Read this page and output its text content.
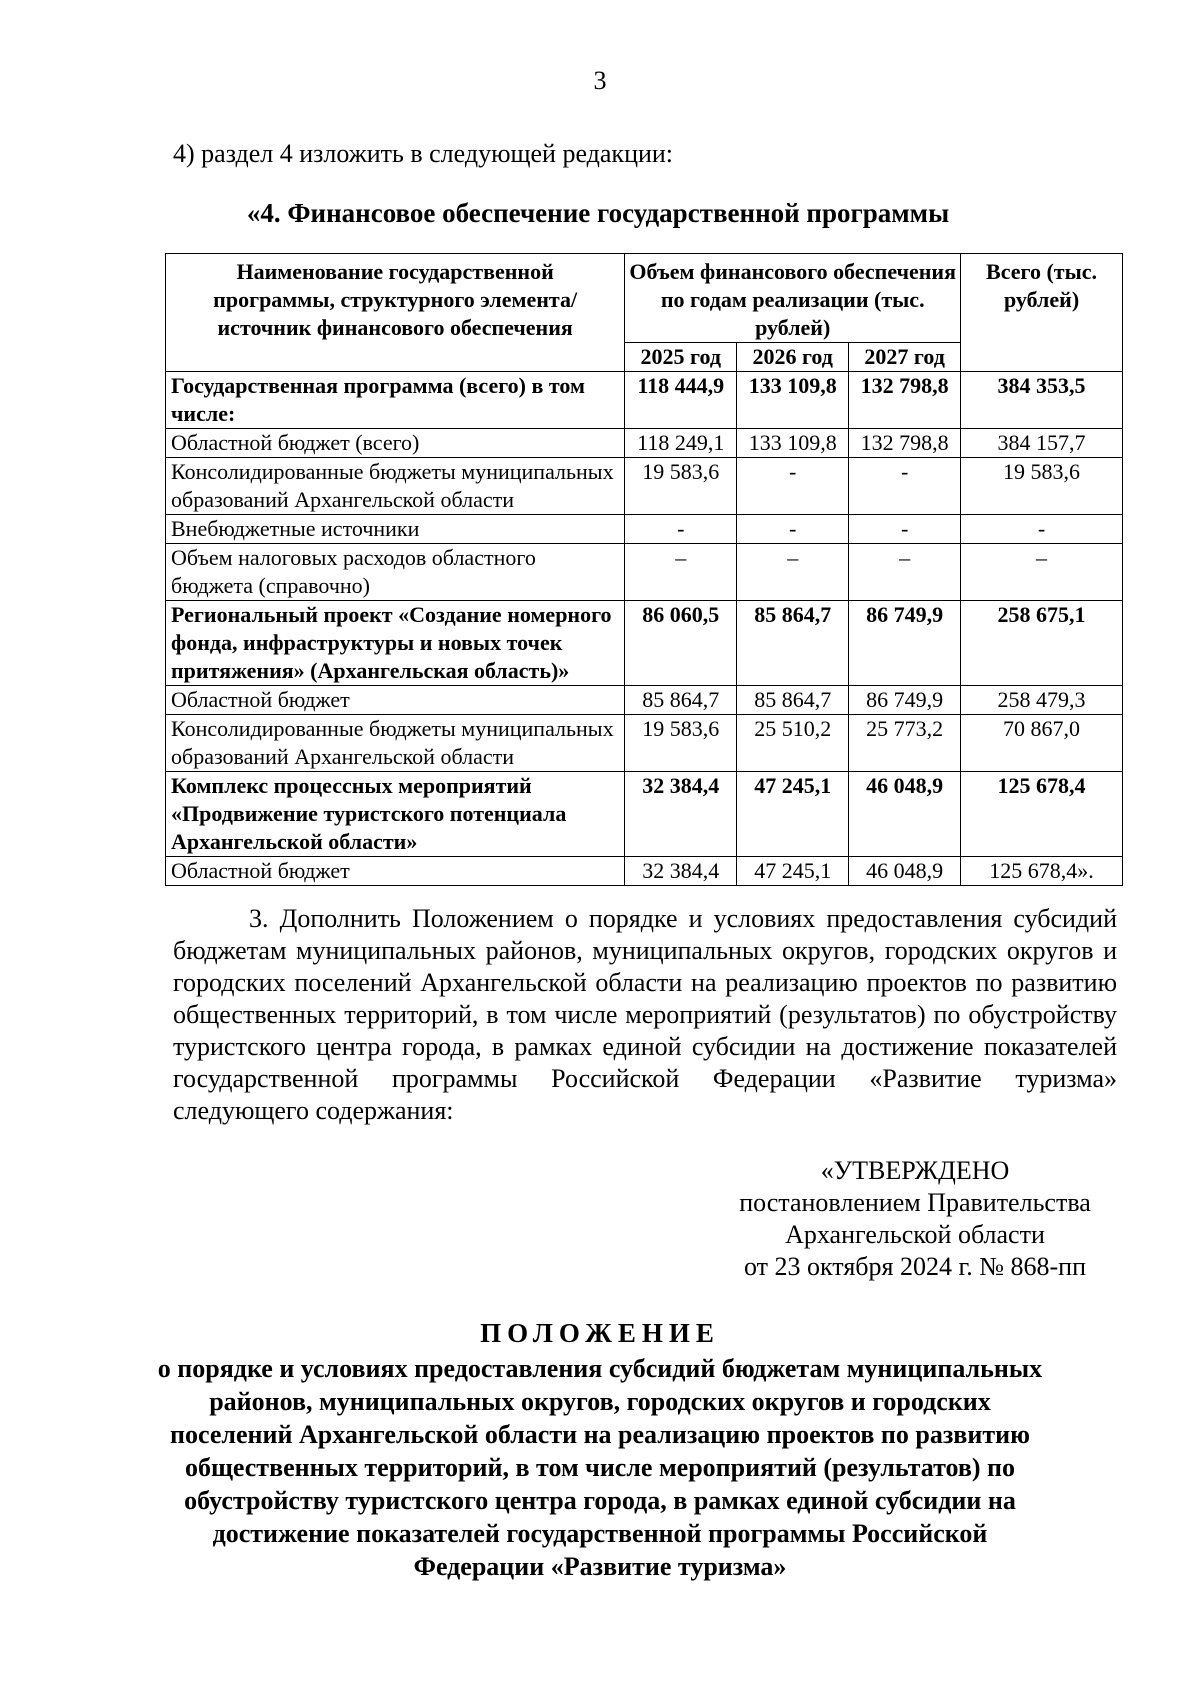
3
4) раздел 4 изложить в следующей редакции:
«4. Финансовое обеспечение государственной программы
Наименование государственной программы, структурного элемента/ источник финансового обеспечения	Объем финансового обеспечения по годам реализации (тыс. рублей)			Всего (тыс. рублей)
	2025 год	2026 год	2027 год	
Государственная программа (всего) в том числе:	118 444,9	133 109,8	132 798,8	384 353,5
Областной бюджет (всего)	118 249,1	133 109,8	132 798,8	384 157,7
Консолидированные бюджеты муниципальных образований Архангельской области	19 583,6	-	-	19 583,6
Внебюджетные источники	-	-	-	-
Объем налоговых расходов областного бюджета (справочно)	–	–	–	–
Региональный проект «Создание номерного фонда, инфраструктуры и новых точек притяжения» (Архангельская область)»	86 060,5	85 864,7	86 749,9	258 675,1
Областной бюджет	85 864,7	85 864,7	86 749,9	258 479,3
Консолидированные бюджеты муниципальных образований Архангельской области	19 583,6	25 510,2	25 773,2	70 867,0
Комплекс процессных мероприятий «Продвижение туристского потенциала Архангельской области»	32 384,4	47 245,1	46 048,9	125 678,4
Областной бюджет	32 384,4	47 245,1	46 048,9	125 678,4».
3. Дополнить Положением о порядке и условиях предоставления субсидий бюджетам муниципальных районов, муниципальных округов, городских округов и городских поселений Архангельской области на реализацию проектов по развитию общественных территорий, в том числе мероприятий (результатов) по обустройству туристского центра города, в рамках единой субсидии на достижение показателей государственной программы Российской Федерации «Развитие туризма» следующего содержания:
«УТВЕРЖДЕНО
постановлением Правительства
Архангельской области
от 23 октября 2024 г. № 868-пп
ПОЛОЖЕНИЕ
о порядке и условиях предоставления субсидий бюджетам муниципальных районов, муниципальных округов, городских округов и городских поселений Архангельской области на реализацию проектов по развитию общественных территорий, в том числе мероприятий (результатов) по обустройству туристского центра города, в рамках единой субсидии на достижение показателей государственной программы Российской Федерации «Развитие туризма»
